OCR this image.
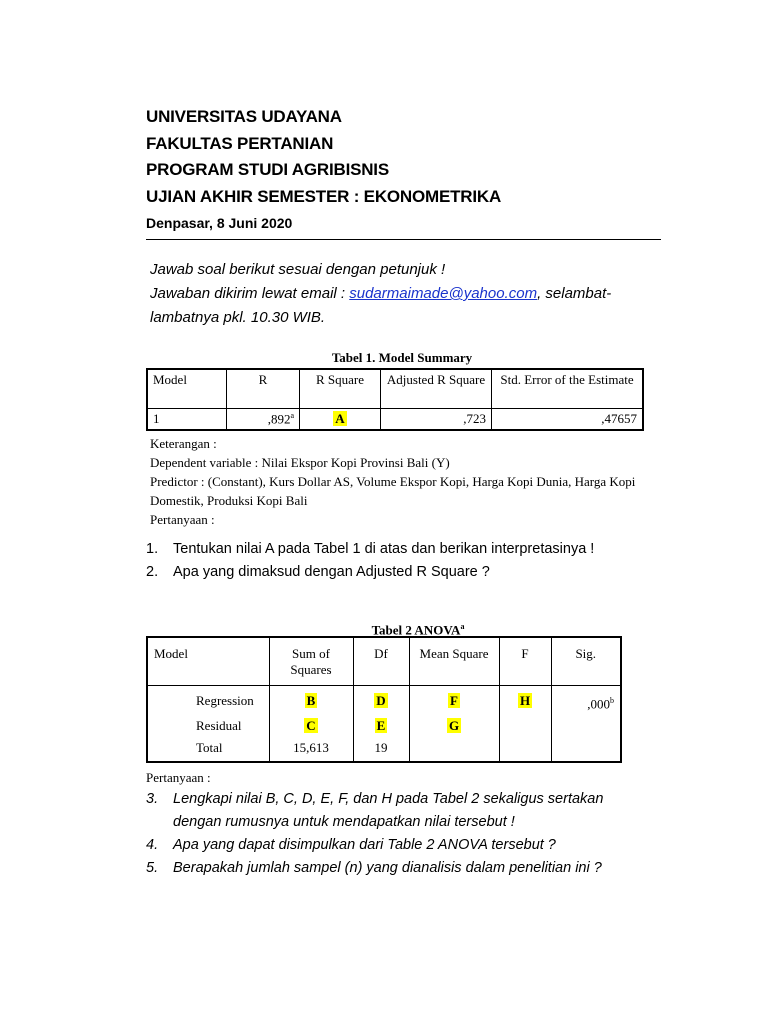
UNIVERSITAS UDAYANA
FAKULTAS PERTANIAN
PROGRAM STUDI AGRIBISNIS
UJIAN AKHIR SEMESTER : EKONOMETRIKA
Denpasar, 8 Juni 2020
Jawab soal berikut sesuai dengan petunjuk !
Jawaban dikirim lewat email : sudarmaimade@yahoo.com, selambat-lambatnya pkl. 10.30 WIB.
Tabel 1. Model Summary
Model	R	R Square	Adjusted R Square	Std. Error of the Estimate
1	,892$^a$	A	,723	,47657
Keterangan :
Dependent variable : Nilai Ekspor Kopi Provinsi Bali (Y)
Predictor : (Constant), Kurs Dollar AS, Volume Ekspor Kopi, Harga Kopi Dunia, Harga Kopi Domestik, Produksi Kopi Bali
Pertanyaan :
1.	Tentukan nilai A pada Tabel 1 di atas dan berikan interpretasinya !
2.	Apa yang dimaksud dengan Adjusted R Square ?
Tabel 2 ANOVA$^a$
Model	Sum of Squares	Df	Mean Square	F	Sig.
Regression	B	D	F	H	,000$^b$
Residual	C	E	G		
Total	15,613	19			
Pertanyaan :
3.	Lengkapi nilai B, C, D, E, F, dan H pada Tabel 2 sekaligus sertakan dengan rumusnya untuk mendapatkan nilai tersebut !
4.	Apa yang dapat disimpulkan dari Table 2 ANOVA tersebut ?
5.	Berapakah jumlah sampel (n) yang dianalisis dalam penelitian ini ?
